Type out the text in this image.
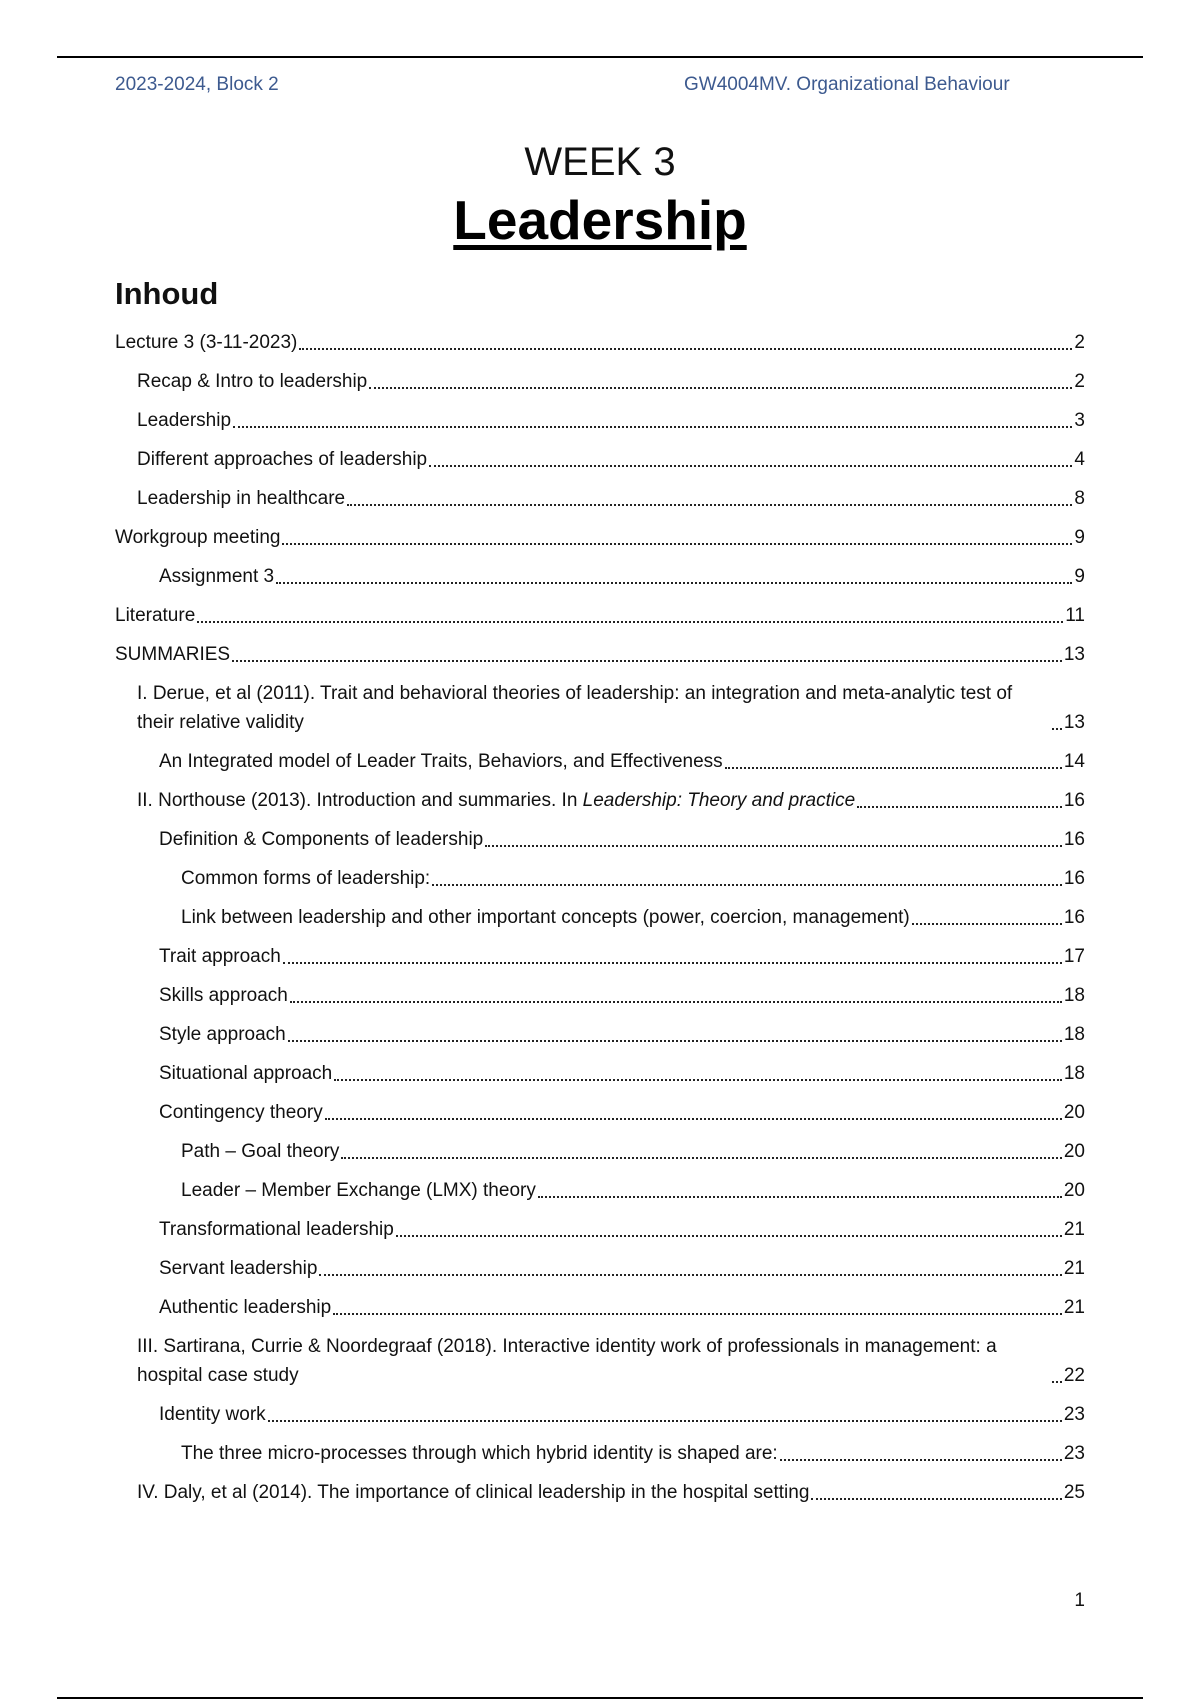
2023-2024, Block 2	GW4004MV. Organizational Behaviour
WEEK 3
Leadership
Inhoud
Lecture 3 (3-11-2023)	2
Recap & Intro to leadership	2
Leadership	3
Different approaches of leadership	4
Leadership in healthcare	8
Workgroup meeting	9
Assignment 3	9
Literature	11
SUMMARIES	13
I. Derue, et al (2011). Trait and behavioral theories of leadership: an integration and meta-analytic test of their relative validity	13
An Integrated model of Leader Traits, Behaviors, and Effectiveness	14
II. Northouse (2013). Introduction and summaries. In Leadership: Theory and practice	16
Definition & Components of leadership	16
Common forms of leadership:	16
Link between leadership and other important concepts (power, coercion, management)	16
Trait approach	17
Skills approach	18
Style approach	18
Situational approach	18
Contingency theory	20
Path – Goal theory	20
Leader – Member Exchange (LMX) theory	20
Transformational leadership	21
Servant leadership	21
Authentic leadership	21
III. Sartirana, Currie & Noordegraaf (2018). Interactive identity work of professionals in management: a hospital case study	22
Identity work	23
The three micro-processes through which hybrid identity is shaped are:	23
IV. Daly, et al (2014). The importance of clinical leadership in the hospital setting	25
1
